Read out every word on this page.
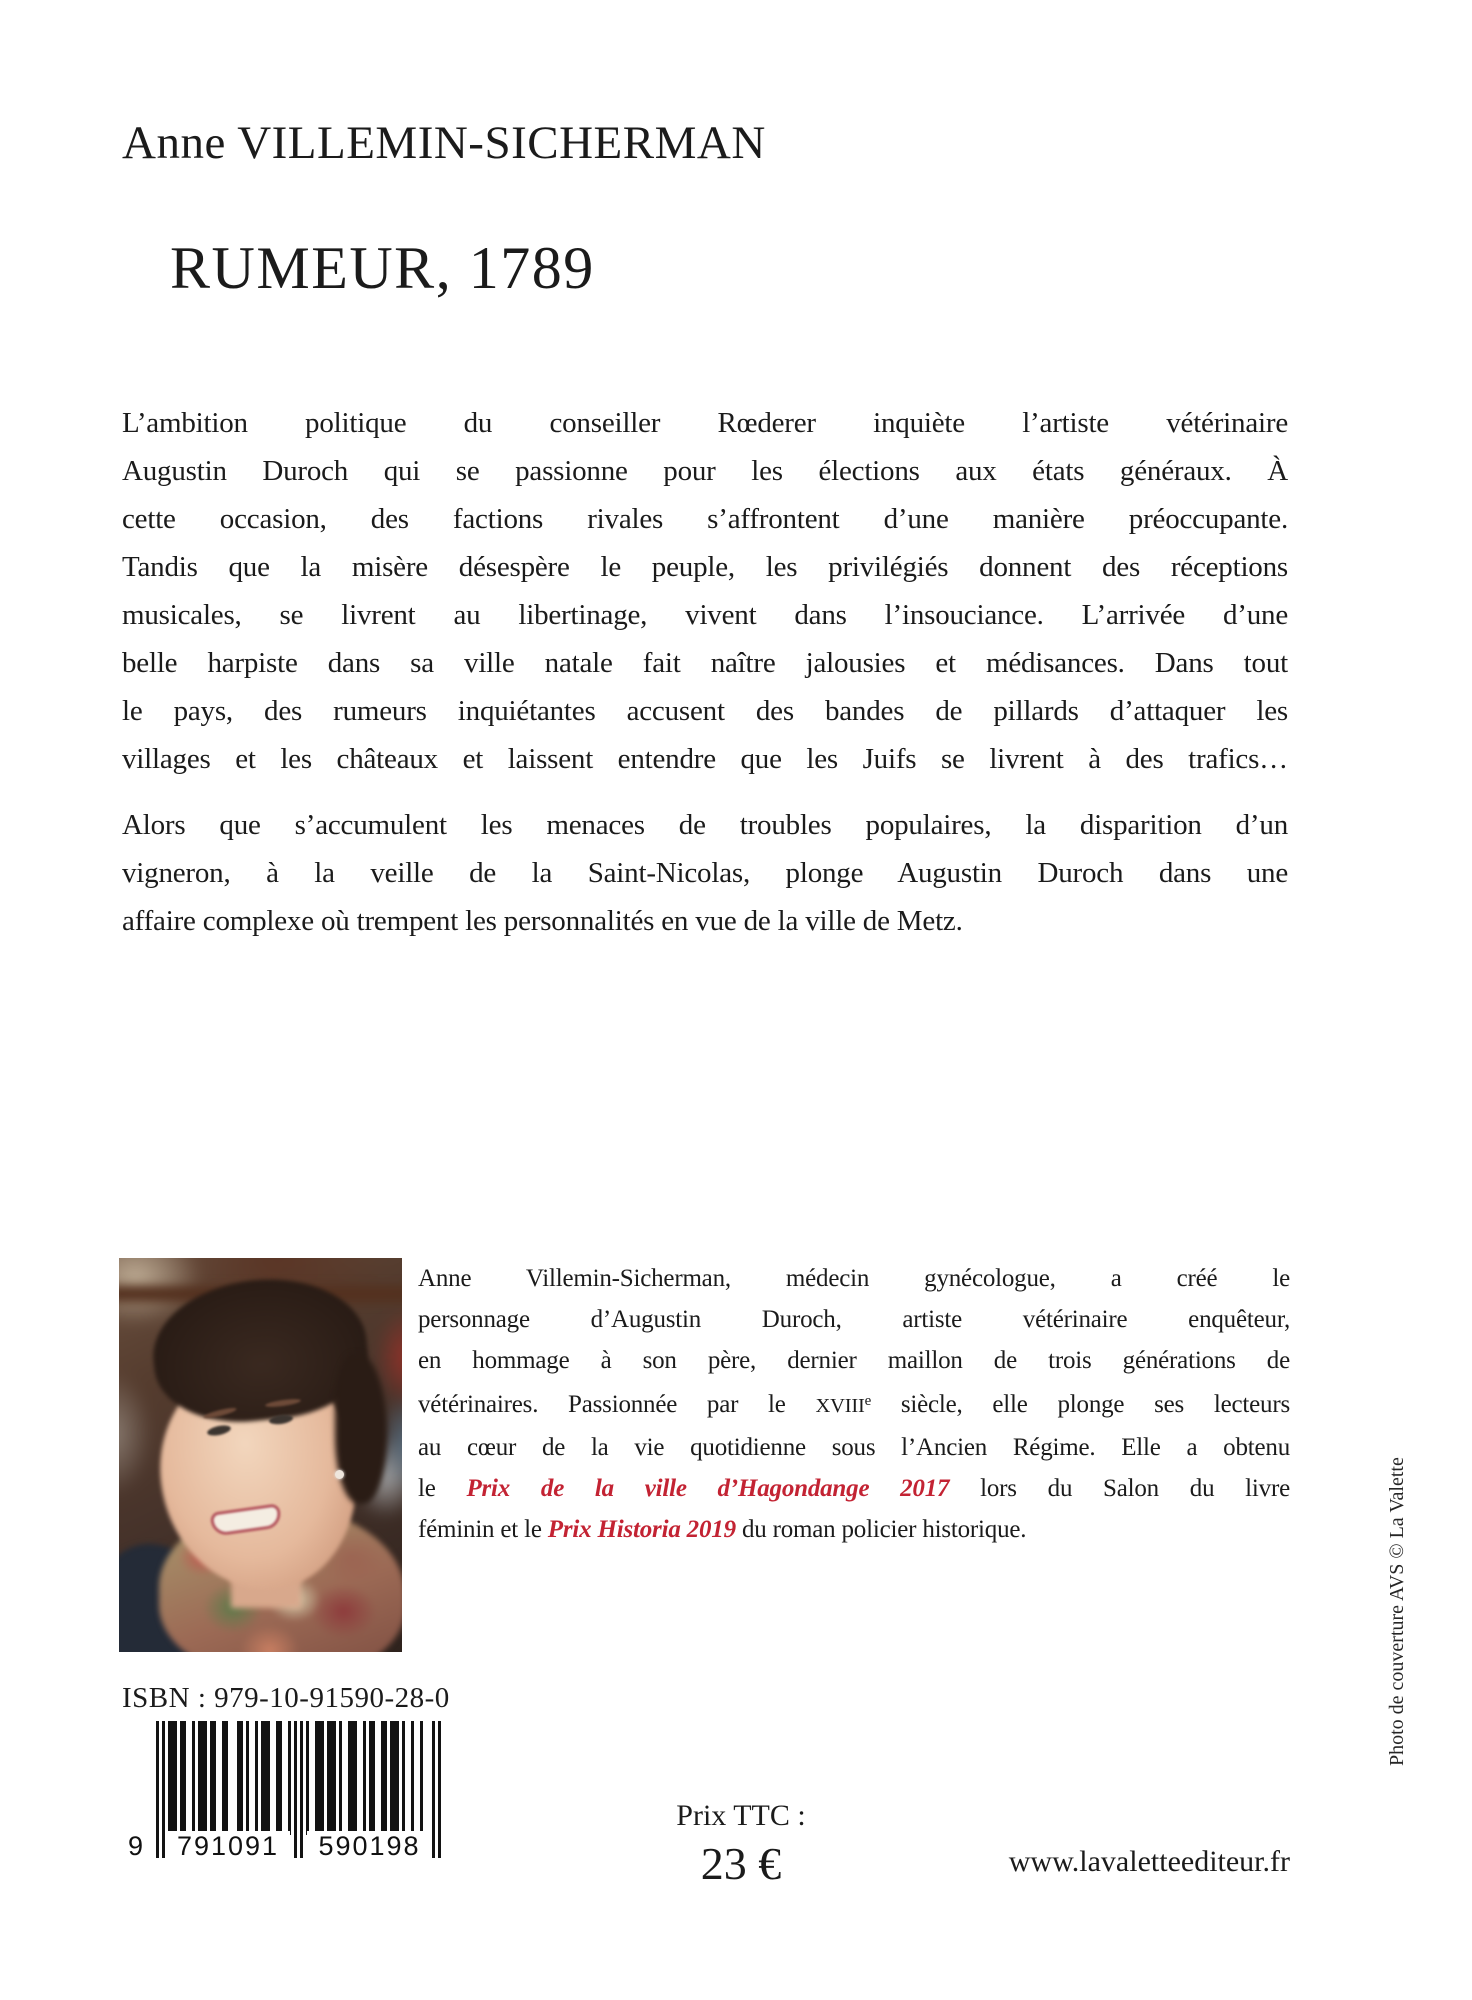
Anne VILLEMIN-SICHERMAN
RUMEUR, 1789
L’ambition politique du conseiller Rœderer inquiète l’artiste vétérinaire
Augustin Duroch qui se passionne pour les élections aux états généraux. À
cette occasion, des factions rivales s’affrontent d’une manière préoccupante.
Tandis que la misère désespère le peuple, les privilégiés donnent des réceptions
musicales, se livrent au libertinage, vivent dans l’insouciance. L’arrivée d’une
belle harpiste dans sa ville natale fait naître jalousies et médisances. Dans tout
le pays, des rumeurs inquiétantes accusent des bandes de pillards d’attaquer les
villages et les châteaux et laissent entendre que les Juifs se livrent à des trafics…
Alors que s’accumulent les menaces de troubles populaires, la disparition d’un
vigneron, à la veille de la Saint-Nicolas, plonge Augustin Duroch dans une
affaire complexe où trempent les personnalités en vue de la ville de Metz.
Anne Villemin-Sicherman, médecin gynécologue, a créé le
personnage d’Augustin Duroch, artiste vétérinaire enquêteur,
en hommage à son père, dernier maillon de trois générations de
vétérinaires. Passionnée par le XVIIIe siècle, elle plonge ses lecteurs
au cœur de la vie quotidienne sous l’Ancien Régime. Elle a obtenu
le Prix de la ville d’Hagondange 2017 lors du Salon du livre
féminin et le Prix Historia 2019 du roman policier historique.
ISBN : 979-10-91590-28-0
9	791091	590198
Prix TTC :
23 €	www.lavaletteediteur.fr
Photo de couverture AVS © La Valette
